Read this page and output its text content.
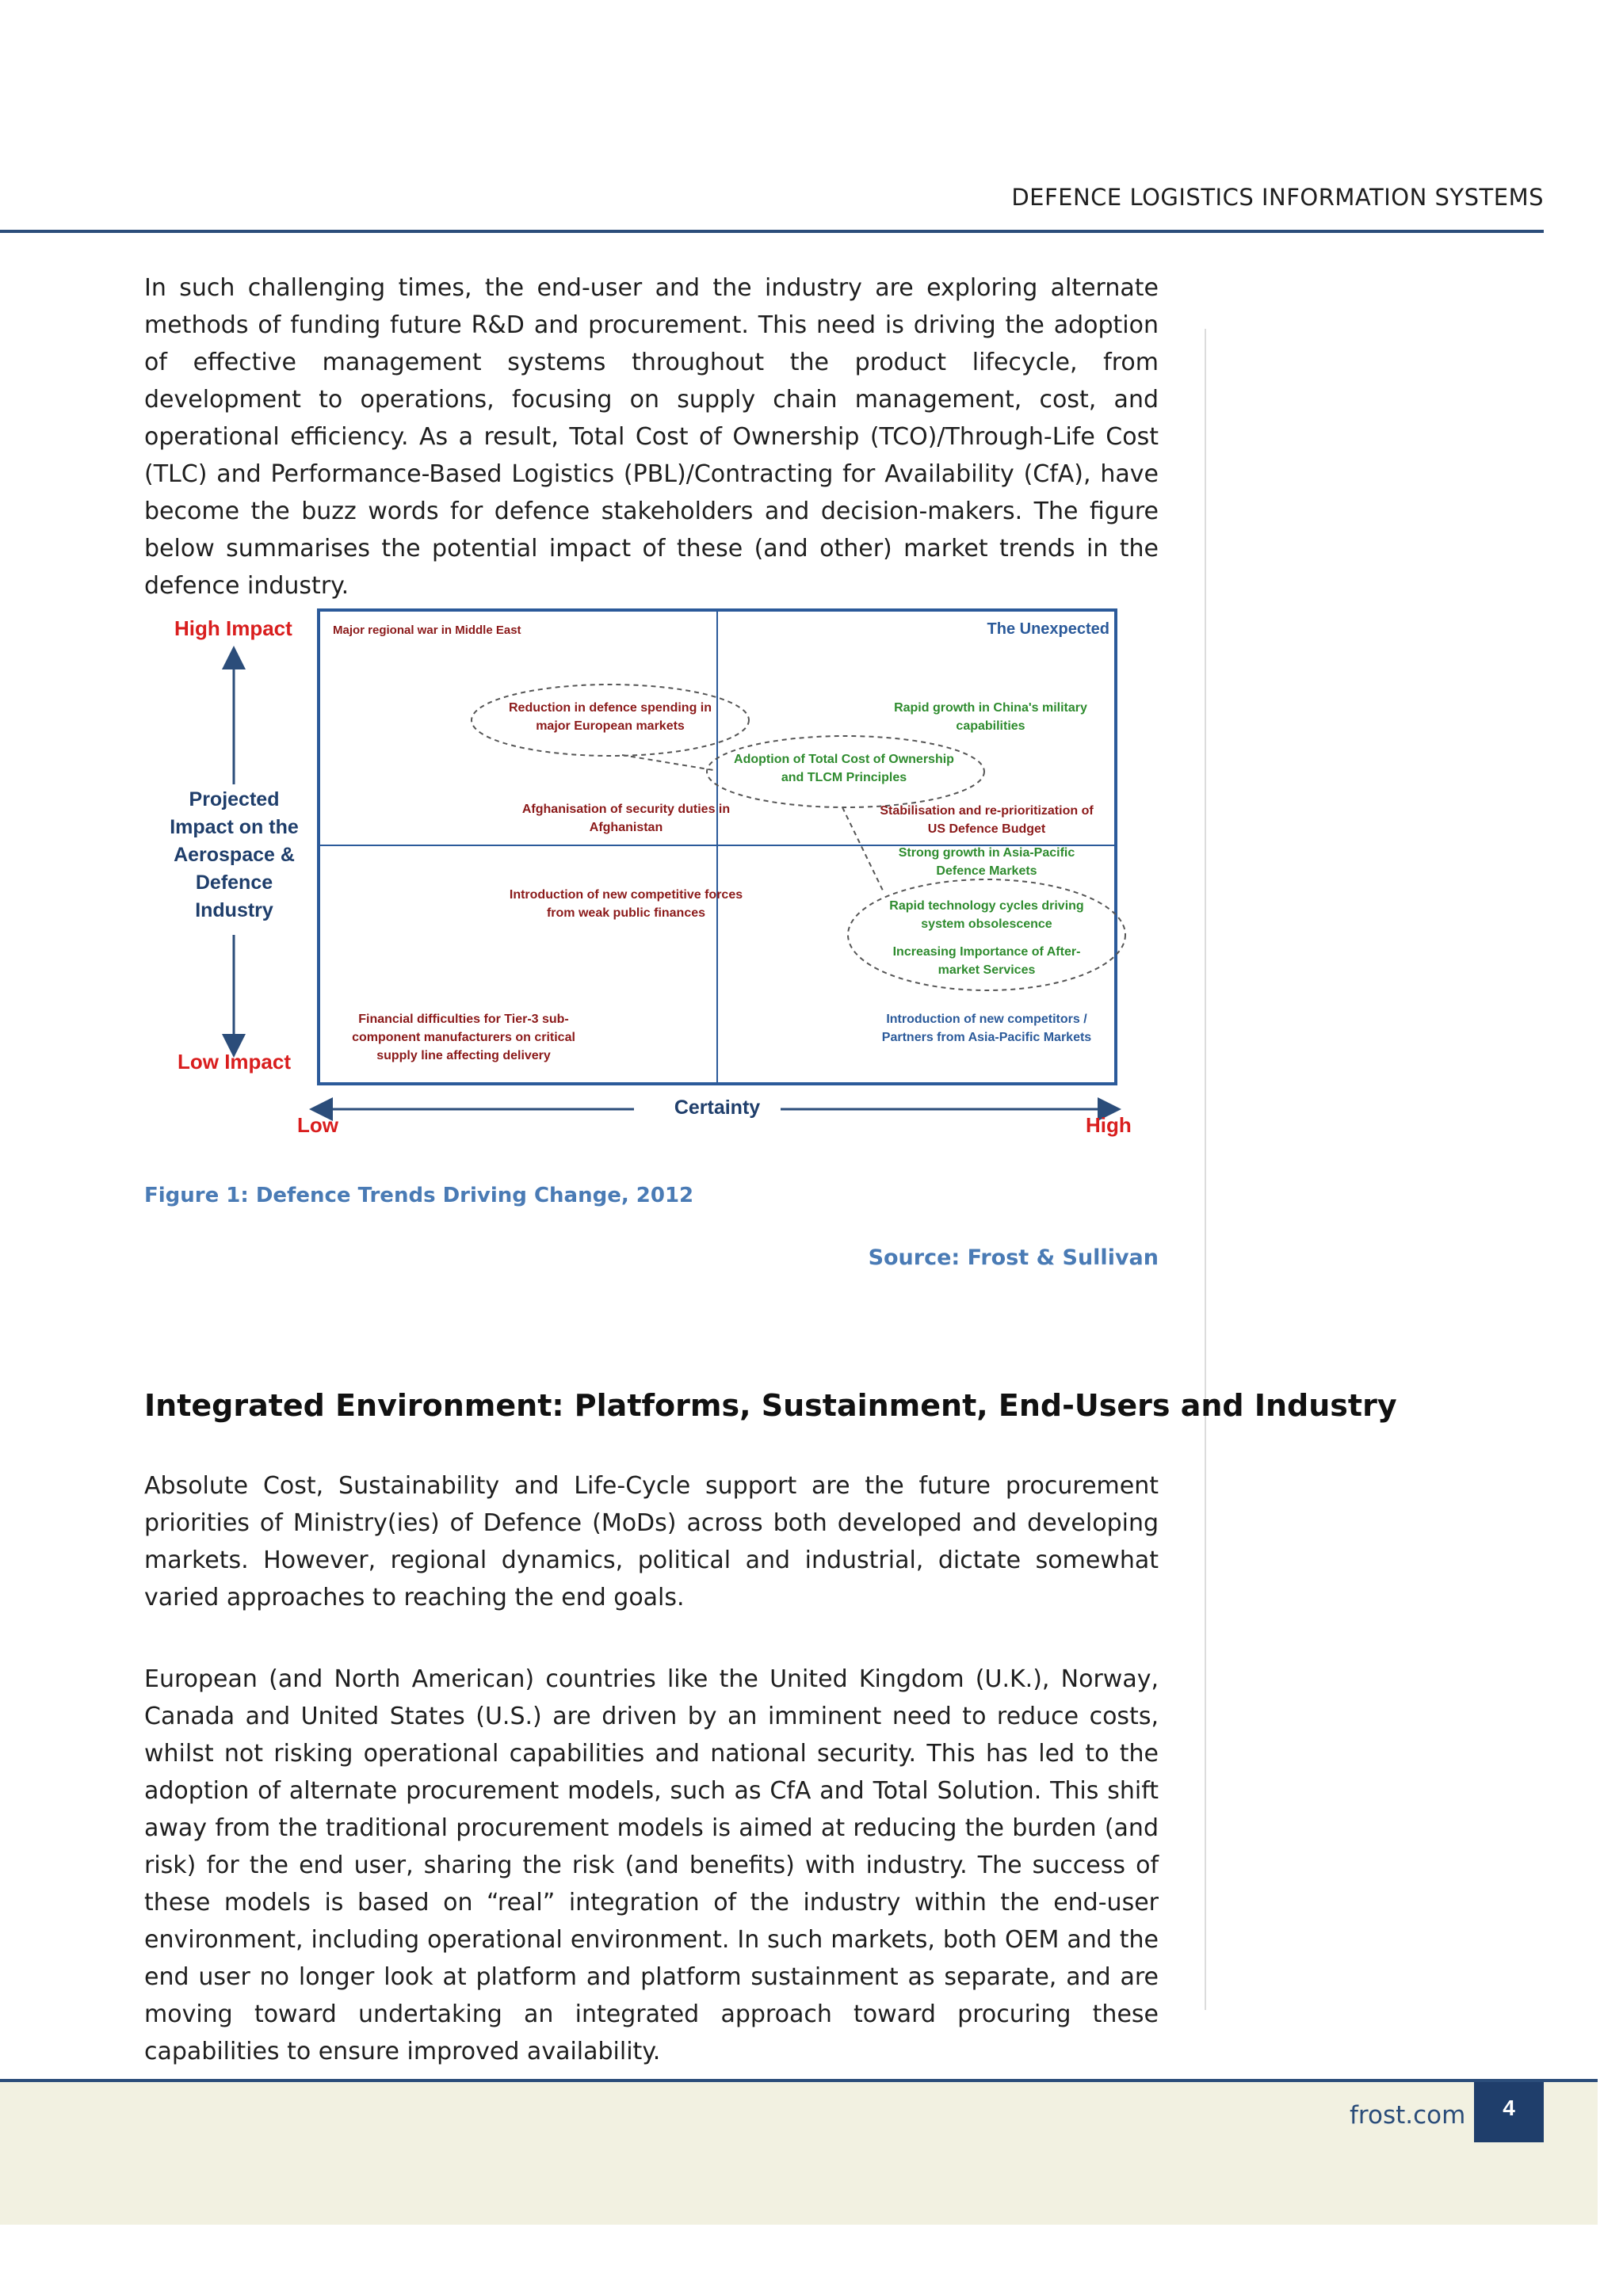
DEFENCE LOGISTICS INFORMATION SYSTEMS

In such challenging times, the end-user and the industry are exploring alternate methods of funding future R&D and procurement. This need is driving the adoption of effective management systems throughout the product lifecycle, from development to operations, focusing on supply chain management, cost, and operational efficiency. As a result, Total Cost of Ownership (TCO)/Through-Life Cost (TLC) and Performance-Based Logistics (PBL)/Contracting for Availability (CfA), have become the buzz words for defence stakeholders and decision-makers. The figure below summarises the potential impact of these (and other) market trends in the defence industry.

High Impact
Low Impact
Projected Impact on the Aerospace & Defence Industry
Certainty
Low	High
Major regional war in Middle East	The Unexpected
Reduction in defence spending in major European markets
Rapid growth in China's military capabilities
Adoption of Total Cost of Ownership and TLCM Principles
Afghanisation of security duties in Afghanistan
Stabilisation and re-prioritization of US Defence Budget
Strong growth in Asia-Pacific Defence Markets
Introduction of new competitive forces from weak public finances
Rapid technology cycles driving system obsolescence
Increasing Importance of After-market Services
Financial difficulties for Tier-3 sub-component manufacturers on critical supply line affecting delivery
Introduction of new competitors / Partners from Asia-Pacific Markets
Figure 1: Defence Trends Driving Change, 2012
Source: Frost & Sullivan
Integrated Environment: Platforms, Sustainment, End-Users and Industry

Absolute Cost, Sustainability and Life-Cycle support are the future procurement priorities of Ministry(ies) of Defence (MoDs) across both developed and developing markets. However, regional dynamics, political and industrial, dictate somewhat varied approaches to reaching the end goals.

European (and North American) countries like the United Kingdom (U.K.), Norway, Canada and United States (U.S.) are driven by an imminent need to reduce costs, whilst not risking operational capabilities and national security. This has led to the adoption of alternate procurement models, such as CfA and Total Solution. This shift away from the traditional procurement models is aimed at reducing the burden (and risk) for the end user, sharing the risk (and benefits) with industry. The success of these models is based on “real” integration of the industry within the end-user environment, including operational environment. In such markets, both OEM and the end user no longer look at platform and platform sustainment as separate, and are moving toward undertaking an integrated approach toward procuring these capabilities to ensure improved availability.

frost.com	4
